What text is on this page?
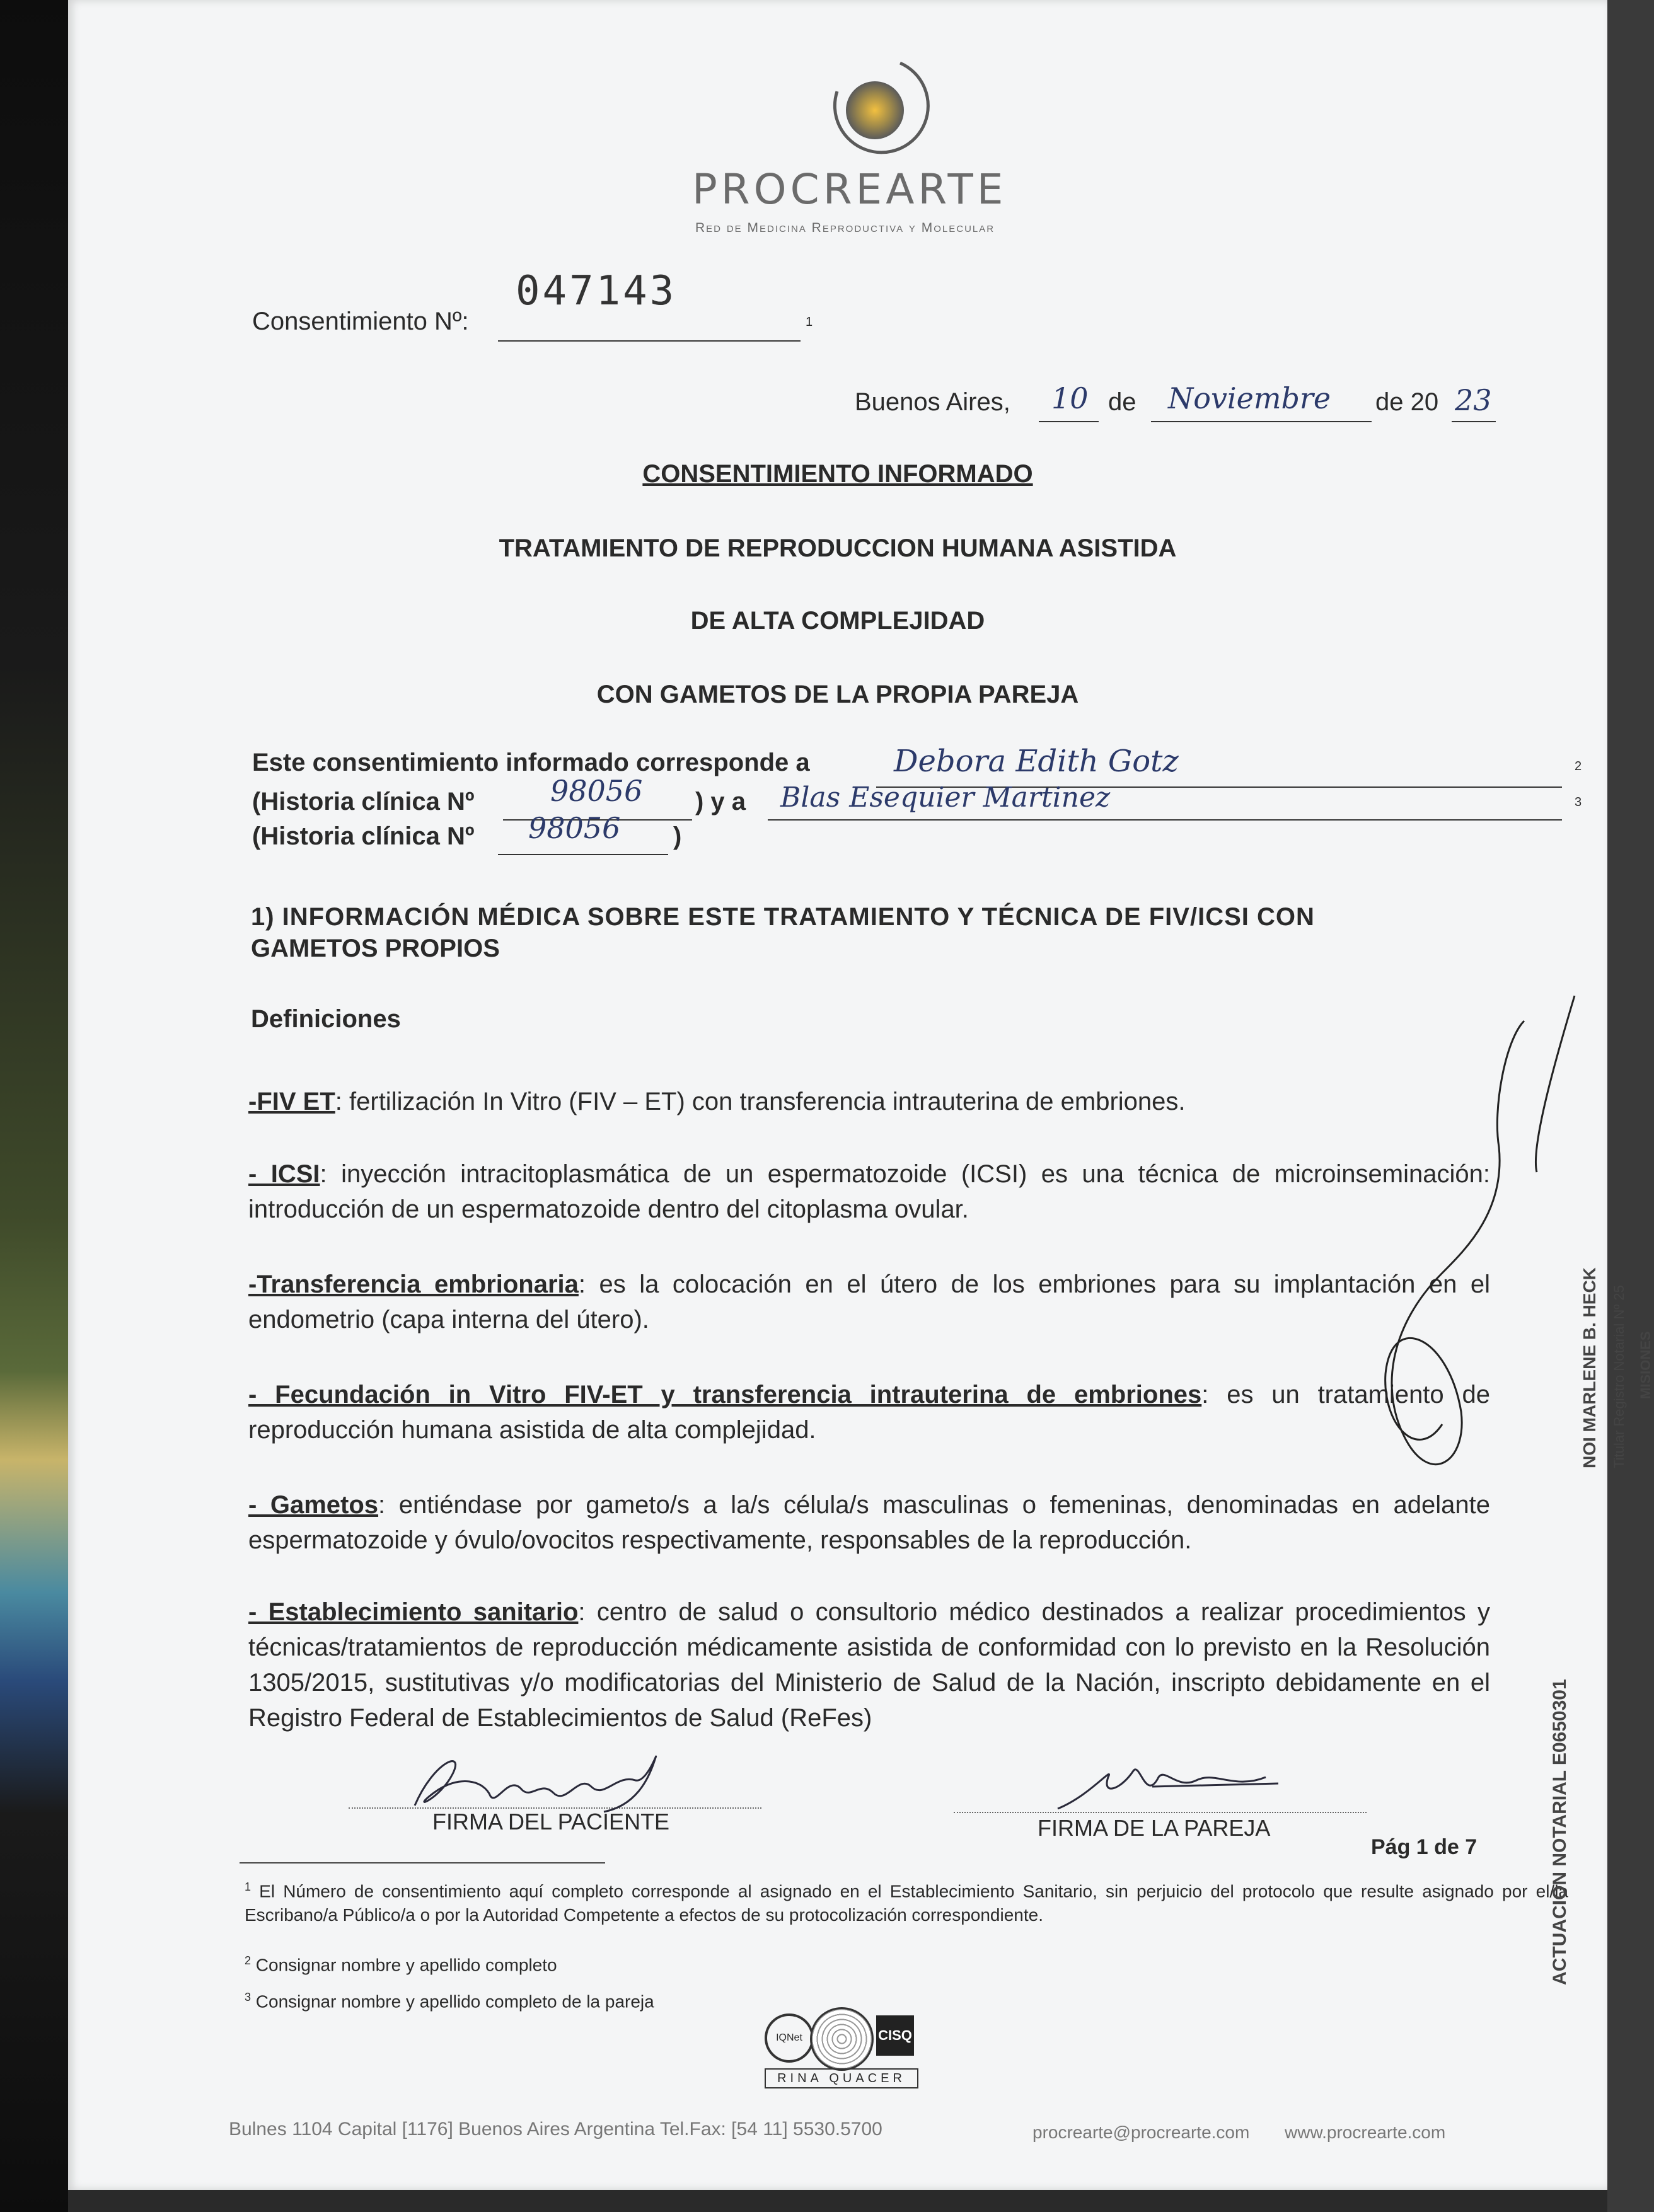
PROCREARTE
Red de Medicina Reproductiva y Molecular
Consentimiento Nº:
047143
1
Buenos Aires, 10 de Noviembre de 20 23
CONSENTIMIENTO INFORMADO
TRATAMIENTO DE REPRODUCCION HUMANA ASISTIDA
DE ALTA COMPLEJIDAD
CON GAMETOS DE LA PROPIA PAREJA
Este consentimiento informado corresponde a	Debora Edith Gotz	2
(Historia clínica Nº	98056 ) y a Blas Esequier Martinez	3
(Historia clínica Nº 98056 )
1) INFORMACIÓN MÉDICA SOBRE ESTE TRATAMIENTO Y TÉCNICA DE FIV/ICSI CON
GAMETOS PROPIOS
Definiciones
-FIV ET: fertilización In Vitro (FIV – ET) con transferencia intrauterina de embriones.
- ICSI: inyección intracitoplasmática de un espermatozoide (ICSI) es una técnica de microinseminación: introducción de un espermatozoide dentro del citoplasma ovular.
-Transferencia embrionaria: es la colocación en el útero de los embriones para su implantación en el endometrio (capa interna del útero).
- Fecundación in Vitro FIV-ET y transferencia intrauterina de embriones: es un tratamiento de reproducción humana asistida de alta complejidad.
- Gametos: entiéndase por gameto/s a la/s célula/s masculinas o femeninas, denominadas en adelante espermatozoide y óvulo/ovocitos respectivamente, responsables de la reproducción.
- Establecimiento sanitario: centro de salud o consultorio médico destinados a realizar procedimientos y técnicas/tratamientos de reproducción médicamente asistida de conformidad con lo previsto en la Resolución 1305/2015, sustitutivas y/o modificatorias del Ministerio de Salud de la Nación, inscripto debidamente en el Registro Federal de Establecimientos de Salud (ReFes)
FIRMA DEL PACIENTE	FIRMA DE LA PAREJA
Pág 1 de 7
$^1$ El Número de consentimiento aquí completo corresponde al asignado en el Establecimiento Sanitario, sin perjuicio del protocolo que resulte asignado por el/la Escribano/a Público/a o por la Autoridad Competente a efectos de su protocolización correspondiente.
$^2$ Consignar nombre y apellido completo
$^3$ Consignar nombre y apellido completo de la pareja
IQNet	CISQ
RINA QUACER
Bulnes 1104 Capital [1176] Buenos Aires Argentina Tel.Fax: [54 11] 5530.5700	procrearte@procrearte.com www.procrearte.com
ACTUACION NOTARIAL E0650301
NOI MARLENE B. HECK Titular Registro Notarial Nº 25 MISIONES
